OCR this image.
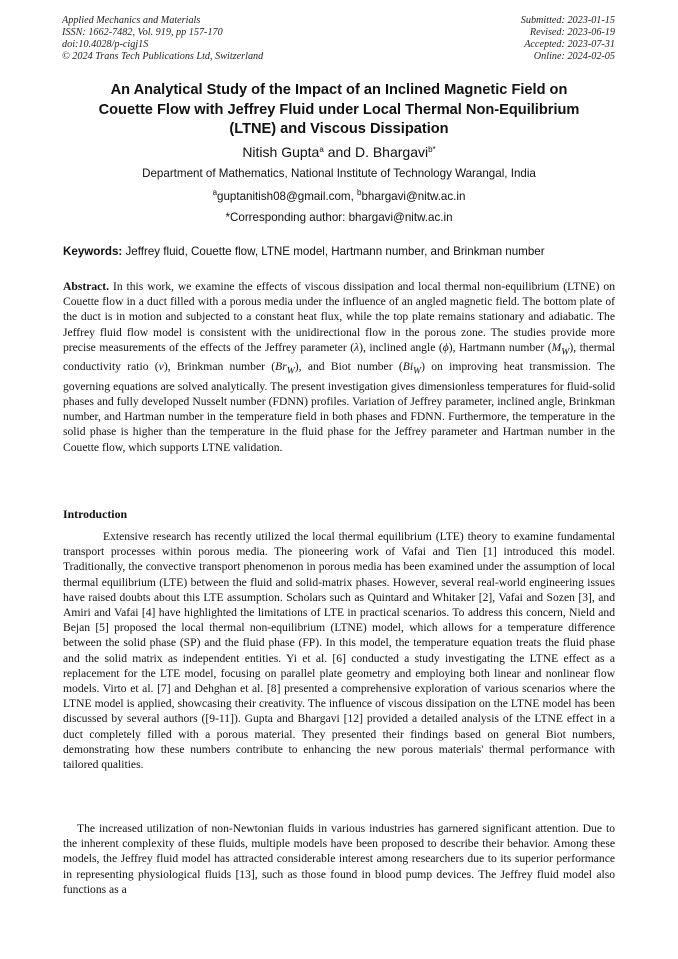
Applied Mechanics and Materials
ISSN: 1662-7482, Vol. 919, pp 157-170
doi:10.4028/p-cigj1S
© 2024 Trans Tech Publications Ltd, Switzerland
Submitted: 2023-01-15
Revised: 2023-06-19
Accepted: 2023-07-31
Online: 2024-02-05
An Analytical Study of the Impact of an Inclined Magnetic Field on
Couette Flow with Jeffrey Fluid under Local Thermal Non-Equilibrium
(LTNE) and Viscous Dissipation
Nitish Gupta$^a$ and D. Bhargavi$^{b*}$
Department of Mathematics, National Institute of Technology Warangal, India
$^a$guptanitish08@gmail.com, $^b$bhargavi@nitw.ac.in
*Corresponding author: bhargavi@nitw.ac.in
Keywords: Jeffrey fluid, Couette flow, LTNE model, Hartmann number, and Brinkman number
Abstract. In this work, we examine the effects of viscous dissipation and local thermal non-equilibrium (LTNE) on Couette flow in a duct filled with a porous media under the influence of an angled magnetic field. The bottom plate of the duct is in motion and subjected to a constant heat flux, while the top plate remains stationary and adiabatic. The Jeffrey fluid flow model is consistent with the unidirectional flow in the porous zone. The studies provide more precise measurements of the effects of the Jeffrey parameter (λ), inclined angle (ϕ), Hartmann number $(M_W)$, thermal conductivity ratio (ν), Brinkman number $(Br_W)$, and Biot number $(Bi_W)$ on improving heat transmission. The governing equations are solved analytically. The present investigation gives dimensionless temperatures for fluid-solid phases and fully developed Nusselt number (FDNN) profiles. Variation of Jeffrey parameter, inclined angle, Brinkman number, and Hartman number in the temperature field in both phases and FDNN. Furthermore, the temperature in the solid phase is higher than the temperature in the fluid phase for the Jeffrey parameter and Hartman number in the Couette flow, which supports LTNE validation.
Introduction

Extensive research has recently utilized the local thermal equilibrium (LTE) theory to examine fundamental transport processes within porous media. The pioneering work of Vafai and Tien [1] introduced this model. Traditionally, the convective transport phenomenon in porous media has been examined under the assumption of local thermal equilibrium (LTE) between the fluid and solid-matrix phases. However, several real-world engineering issues have raised doubts about this LTE assumption. Scholars such as Quintard and Whitaker [2], Vafai and Sozen [3], and Amiri and Vafai [4] have highlighted the limitations of LTE in practical scenarios. To address this concern, Nield and Bejan [5] proposed the local thermal non-equilibrium (LTNE) model, which allows for a temperature difference between the solid phase (SP) and the fluid phase (FP). In this model, the temperature equation treats the fluid phase and the solid matrix as independent entities. Yi et al. [6] conducted a study investigating the LTNE effect as a replacement for the LTE model, focusing on parallel plate geometry and employing both linear and nonlinear flow models. Virto et al. [7] and Dehghan et al. [8] presented a comprehensive exploration of various scenarios where the LTNE model is applied, showcasing their creativity. The influence of viscous dissipation on the LTNE model has been discussed by several authors ([9-11]). Gupta and Bhargavi [12] provided a detailed analysis of the LTNE effect in a duct completely filled with a porous material. They presented their findings based on general Biot numbers, demonstrating how these numbers contribute to enhancing the new porous materials' thermal performance with tailored qualities.

The increased utilization of non-Newtonian fluids in various industries has garnered significant attention. Due to the inherent complexity of these fluids, multiple models have been proposed to describe their behavior. Among these models, the Jeffrey fluid model has attracted considerable interest among researchers due to its superior performance in representing physiological fluids [13], such as those found in blood pump devices. The Jeffrey fluid model also functions as a
